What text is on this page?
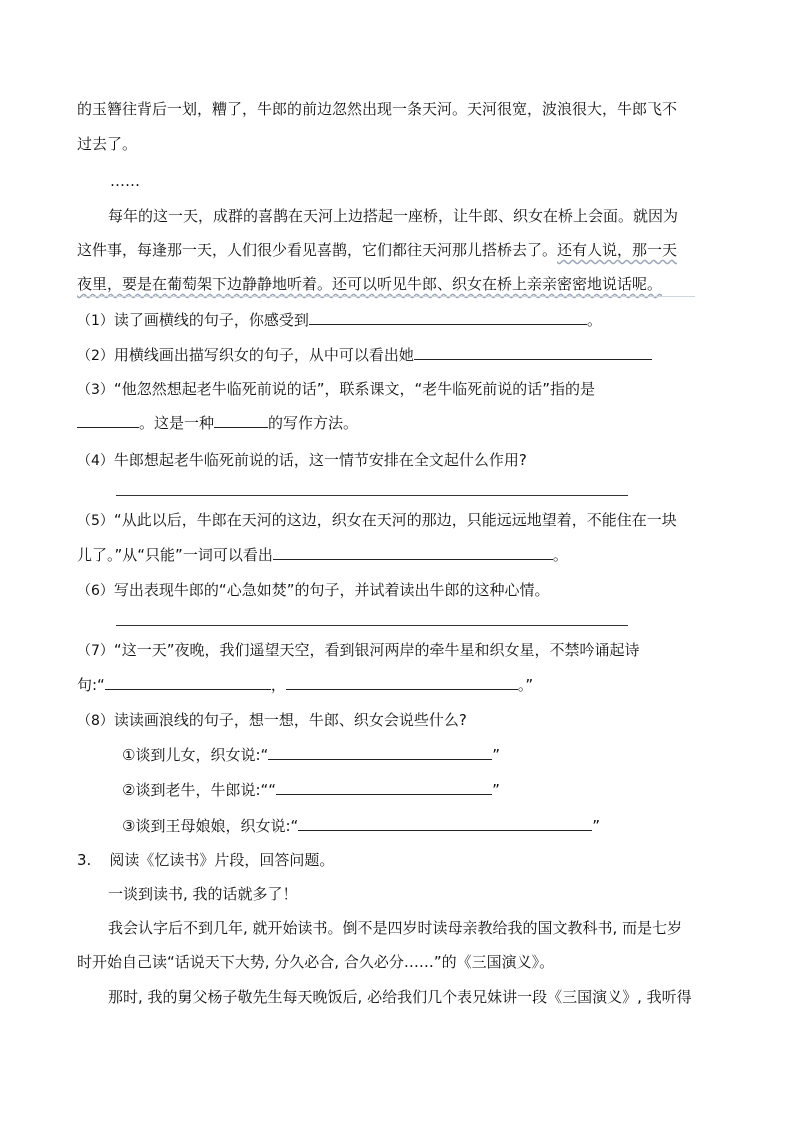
的玉簪往背后一划，糟了，牛郎的前边忽然出现一条天河。天河很宽，波浪很大，牛郎飞不
过去了。
……
每年的这一天，成群的喜鹊在天河上边搭起一座桥，让牛郎、织女在桥上会面。就因为
这件事，每逢那一天，人们很少看见喜鹊，它们都往天河那儿搭桥去了。还有人说，那一天
夜里，要是在葡萄架下边静静地听着。还可以听见牛郎、织女在桥上亲亲密密地说话呢。
（1）读了画横线的句子，你感受到	。
（2）用横线画出描写织女的句子，从中可以看出她
（3）“他忽然想起老牛临死前说的话”，联系课文，“老牛临死前说的话”指的是
。这是一种	的写作方法。
（4）牛郎想起老牛临死前说的话，这一情节安排在全文起什么作用?
（5）“从此以后，牛郎在天河的这边，织女在天河的那边，只能远远地望着，不能住在一块
儿了。”从“只能”一词可以看出	。
（6）写出表现牛郎的“心急如焚”的句子，并试着读出牛郎的这种心情。
（7）“这一天”夜晚，我们遥望天空，看到银河两岸的牵牛星和织女星，不禁吟诵起诗
句:“	，	。”
（8）读读画浪线的句子，想一想，牛郎、织女会说些什么?
①谈到儿女，织女说:“	”
②谈到老牛，牛郎说:““	”
③谈到王母娘娘，织女说:“	”
3. 阅读《忆读书》片段，回答问题。
一谈到读书, 我的话就多了！
我会认字后不到几年, 就开始读书。倒不是四岁时读母亲教给我的国文教科书, 而是七岁
时开始自己读“话说天下大势, 分久必合, 合久必分……”的《三国演义》。
那时, 我的舅父杨子敬先生每天晚饭后, 必给我们几个表兄妹讲一段《三国演义》, 我听得
